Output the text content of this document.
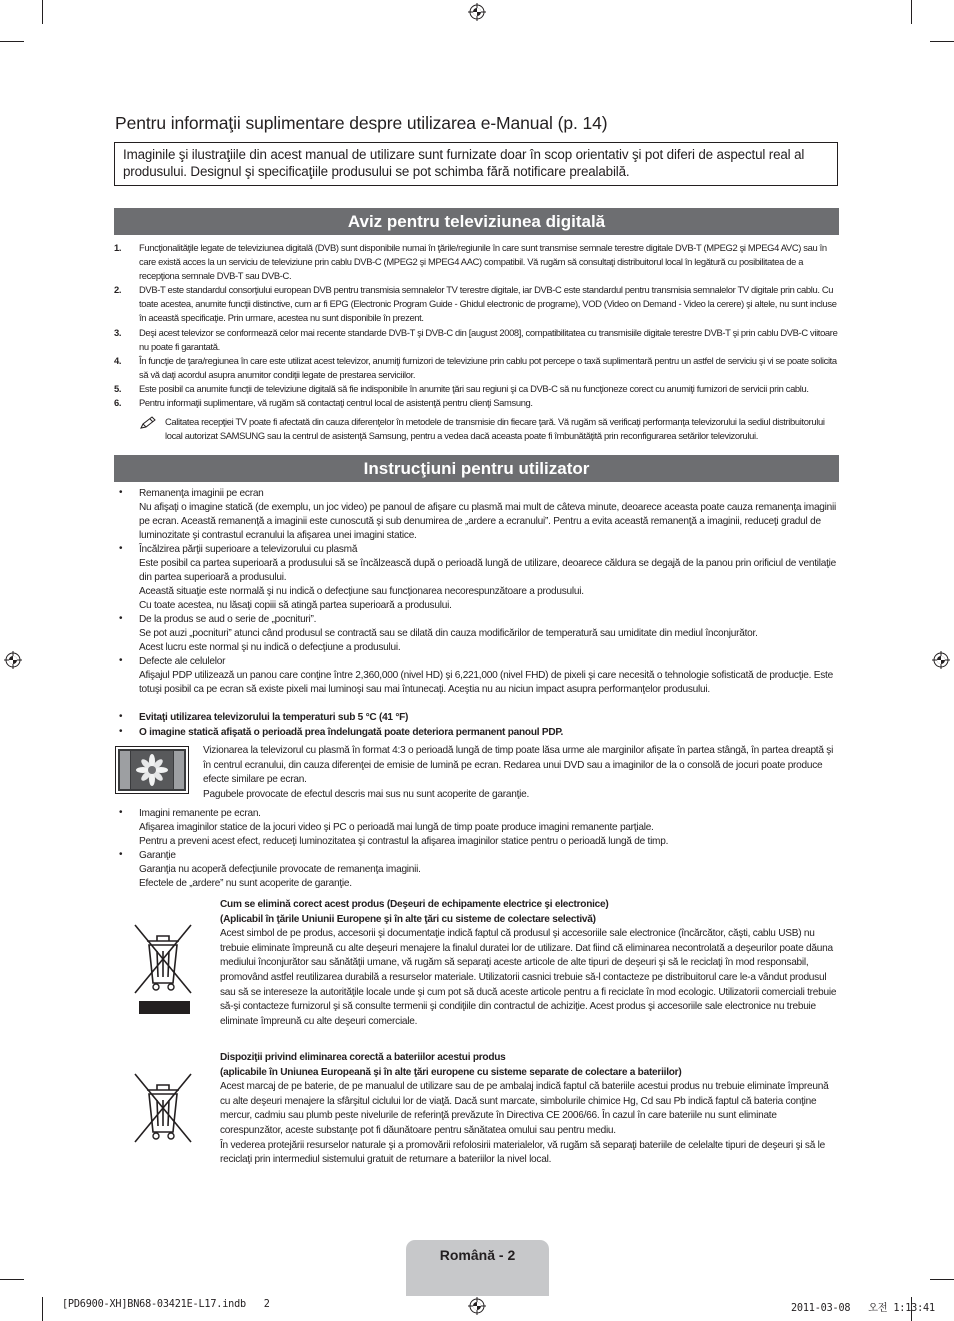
Pentru informaţii suplimentare despre utilizarea e-Manual (p. 14)
Imaginile şi ilustraţiile din acest manual de utilizare sunt furnizate doar în scop orientativ şi pot diferi de aspectul real al produsului. Designul şi specificaţiile produsului se pot schimba fără notificare prealabilă.
Aviz pentru televiziunea digitală
1. Funcţionalităţile legate de televiziunea digitală (DVB) sunt disponibile numai în ţările/regiunile în care sunt transmise semnale terestre digitale DVB-T (MPEG2 şi MPEG4 AVC) sau în care există acces la un serviciu de televiziune prin cablu DVB-C (MPEG2 şi MPEG4 AAC) compatibil. Vă rugăm să consultaţi distribuitorul local în legătură cu posibilitatea de a recepţiona semnale DVB-T sau DVB-C.
2. DVB-T este standardul consorţiului european DVB pentru transmisia semnalelor TV terestre digitale, iar DVB-C este standardul pentru transmisia semnalelor TV digitale prin cablu. Cu toate acestea, anumite funcţii distinctive, cum ar fi EPG (Electronic Program Guide - Ghidul electronic de programe), VOD (Video on Demand - Video la cerere) şi altele, nu sunt incluse în această specificaţie. Prin urmare, acestea nu sunt disponibile în prezent.
3. Deşi acest televizor se conformează celor mai recente standarde DVB-T şi DVB-C din [august 2008], compatibilitatea cu transmisiile digitale terestre DVB-T şi prin cablu DVB-C viitoare nu poate fi garantată.
4. În funcţie de ţara/regiunea în care este utilizat acest televizor, anumiţi furnizori de televiziune prin cablu pot percepe o taxă suplimentară pentru un astfel de serviciu şi vi se poate solicita să vă daţi acordul asupra anumitor condiţii legate de prestarea serviciilor.
5. Este posibil ca anumite funcţii de televiziune digitală să fie indisponibile în anumite ţări sau regiuni şi ca DVB-C să nu funcţioneze corect cu anumiţi furnizori de servicii prin cablu.
6. Pentru informaţii suplimentare, vă rugăm să contactaţi centrul local de asistenţă pentru clienţi Samsung.
Calitatea recepţiei TV poate fi afectată din cauza diferenţelor în metodele de transmisie din fiecare ţară. Vă rugăm să verificaţi performanţa televizorului la sediul distribuitorului local autorizat SAMSUNG sau la centrul de asistenţă Samsung, pentru a vedea dacă aceasta poate fi îmbunătăţită prin reconfigurarea setărilor televizorului.
Instrucţiuni pentru utilizator
• Remanenţa imaginii pe ecran
Nu afişaţi o imagine statică (de exemplu, un joc video) pe panoul de afişare cu plasmă mai mult de câteva minute, deoarece aceasta poate cauza remanenţa imaginii pe ecran. Această remanenţă a imaginii este cunoscută şi sub denumirea de „ardere a ecranului”. Pentru a evita această remanenţă a imaginii, reduceţi gradul de luminozitate şi contrastul ecranului la afişarea unei imagini statice.
• Încălzirea părţii superioare a televizorului cu plasmă
Este posibil ca partea superioară a produsului să se încălzească după o perioadă lungă de utilizare, deoarece căldura se degajă de la panou prin orificiul de ventilaţie din partea superioară a produsului.
Această situaţie este normală şi nu indică o defecţiune sau funcţionarea necorespunzătoare a produsului.
Cu toate acestea, nu lăsaţi copiii să atingă partea superioară a produsului.
• De la produs se aud o serie de „pocnituri”.
Se pot auzi „pocnituri” atunci când produsul se contractă sau se dilată din cauza modificărilor de temperatură sau umiditate din mediul înconjurător.
Acest lucru este normal şi nu indică o defecţiune a produsului.
• Defecte ale celulelor
Afişajul PDP utilizează un panou care conţine între 2,360,000 (nivel HD) şi 6,221,000 (nivel FHD) de pixeli şi care necesită o tehnologie sofisticată de producţie. Este totuşi posibil ca pe ecran să existe pixeli mai luminoşi sau mai întunecaţi. Aceştia nu au niciun impact asupra performanţelor produsului.
• Evitaţi utilizarea televizorului la temperaturi sub 5 °C (41 °F)
• O imagine statică afişată o perioadă prea îndelungată poate deteriora permanent panoul PDP.
Vizionarea la televizorul cu plasmă în format 4:3 o perioadă lungă de timp poate lăsa urme ale marginilor afişate în partea stângă, în partea dreaptă şi în centrul ecranului, din cauza diferenţei de emisie de lumină pe ecran. Redarea unui DVD sau a imaginilor de la o consolă de jocuri poate produce efecte similare pe ecran.
Pagubele provocate de efectul descris mai sus nu sunt acoperite de garanţie.
• Imagini remanente pe ecran.
Afişarea imaginilor statice de la jocuri video şi PC o perioadă mai lungă de timp poate produce imagini remanente parţiale.
Pentru a preveni acest efect, reduceţi luminozitatea şi contrastul la afişarea imaginilor statice pentru o perioadă lungă de timp.
• Garanţie
Garanţia nu acoperă defecţiunile provocate de remanenţa imaginii.
Efectele de „ardere” nu sunt acoperite de garanţie.
Cum se elimină corect acest produs (Deşeuri de echipamente electrice şi electronice)
(Aplicabil în ţările Uniunii Europene şi în alte ţări cu sisteme de colectare selectivă)
Acest simbol de pe produs, accesorii şi documentaţie indică faptul că produsul şi accesoriile sale electronice (încărcător, căşti, cablu USB) nu trebuie eliminate împreună cu alte deşeuri menajere la finalul duratei lor de utilizare. Dat fiind că eliminarea necontrolată a deşeurilor poate dăuna mediului înconjurător sau sănătăţii umane, vă rugăm să separaţi aceste articole de alte tipuri de deşeuri şi să le reciclaţi în mod responsabil, promovând astfel reutilizarea durabilă a resurselor materiale. Utilizatorii casnici trebuie să-l contacteze pe distribuitorul care le-a vândut produsul sau să se intereseze la autorităţile locale unde şi cum pot să ducă aceste articole pentru a fi reciclate în mod ecologic. Utilizatorii comerciali trebuie să-şi contacteze furnizorul şi să consulte termenii şi condiţiile din contractul de achiziţie. Acest produs şi accesoriile sale electronice nu trebuie eliminate împreună cu alte deşeuri comerciale.
Dispoziţii privind eliminarea corectă a bateriilor acestui produs
(aplicabile în Uniunea Europeană şi în alte ţări europene cu sisteme separate de colectare a bateriilor)
Acest marcaj de pe baterie, de pe manualul de utilizare sau de pe ambalaj indică faptul că bateriile acestui produs nu trebuie eliminate împreună cu alte deşeuri menajere la sfârşitul ciclului lor de viaţă. Dacă sunt marcate, simbolurile chimice Hg, Cd sau Pb indică faptul că bateria conţine mercur, cadmiu sau plumb peste nivelurile de referinţă prevăzute în Directiva CE 2006/66. În cazul în care bateriile nu sunt eliminate corespunzător, aceste substanţe pot fi dăunătoare pentru sănătatea omului sau pentru mediu.
În vederea protejării resurselor naturale şi a promovării refolosirii materialelor, vă rugăm să separaţi bateriile de celelalte tipuri de deşeuri şi să le reciclaţi prin intermediul sistemului gratuit de returnare a bateriilor la nivel local.
Română - 2
[PD6900-XH]BN68-03421E-L17.indb   2	2011-03-08   오전 1:13:41
